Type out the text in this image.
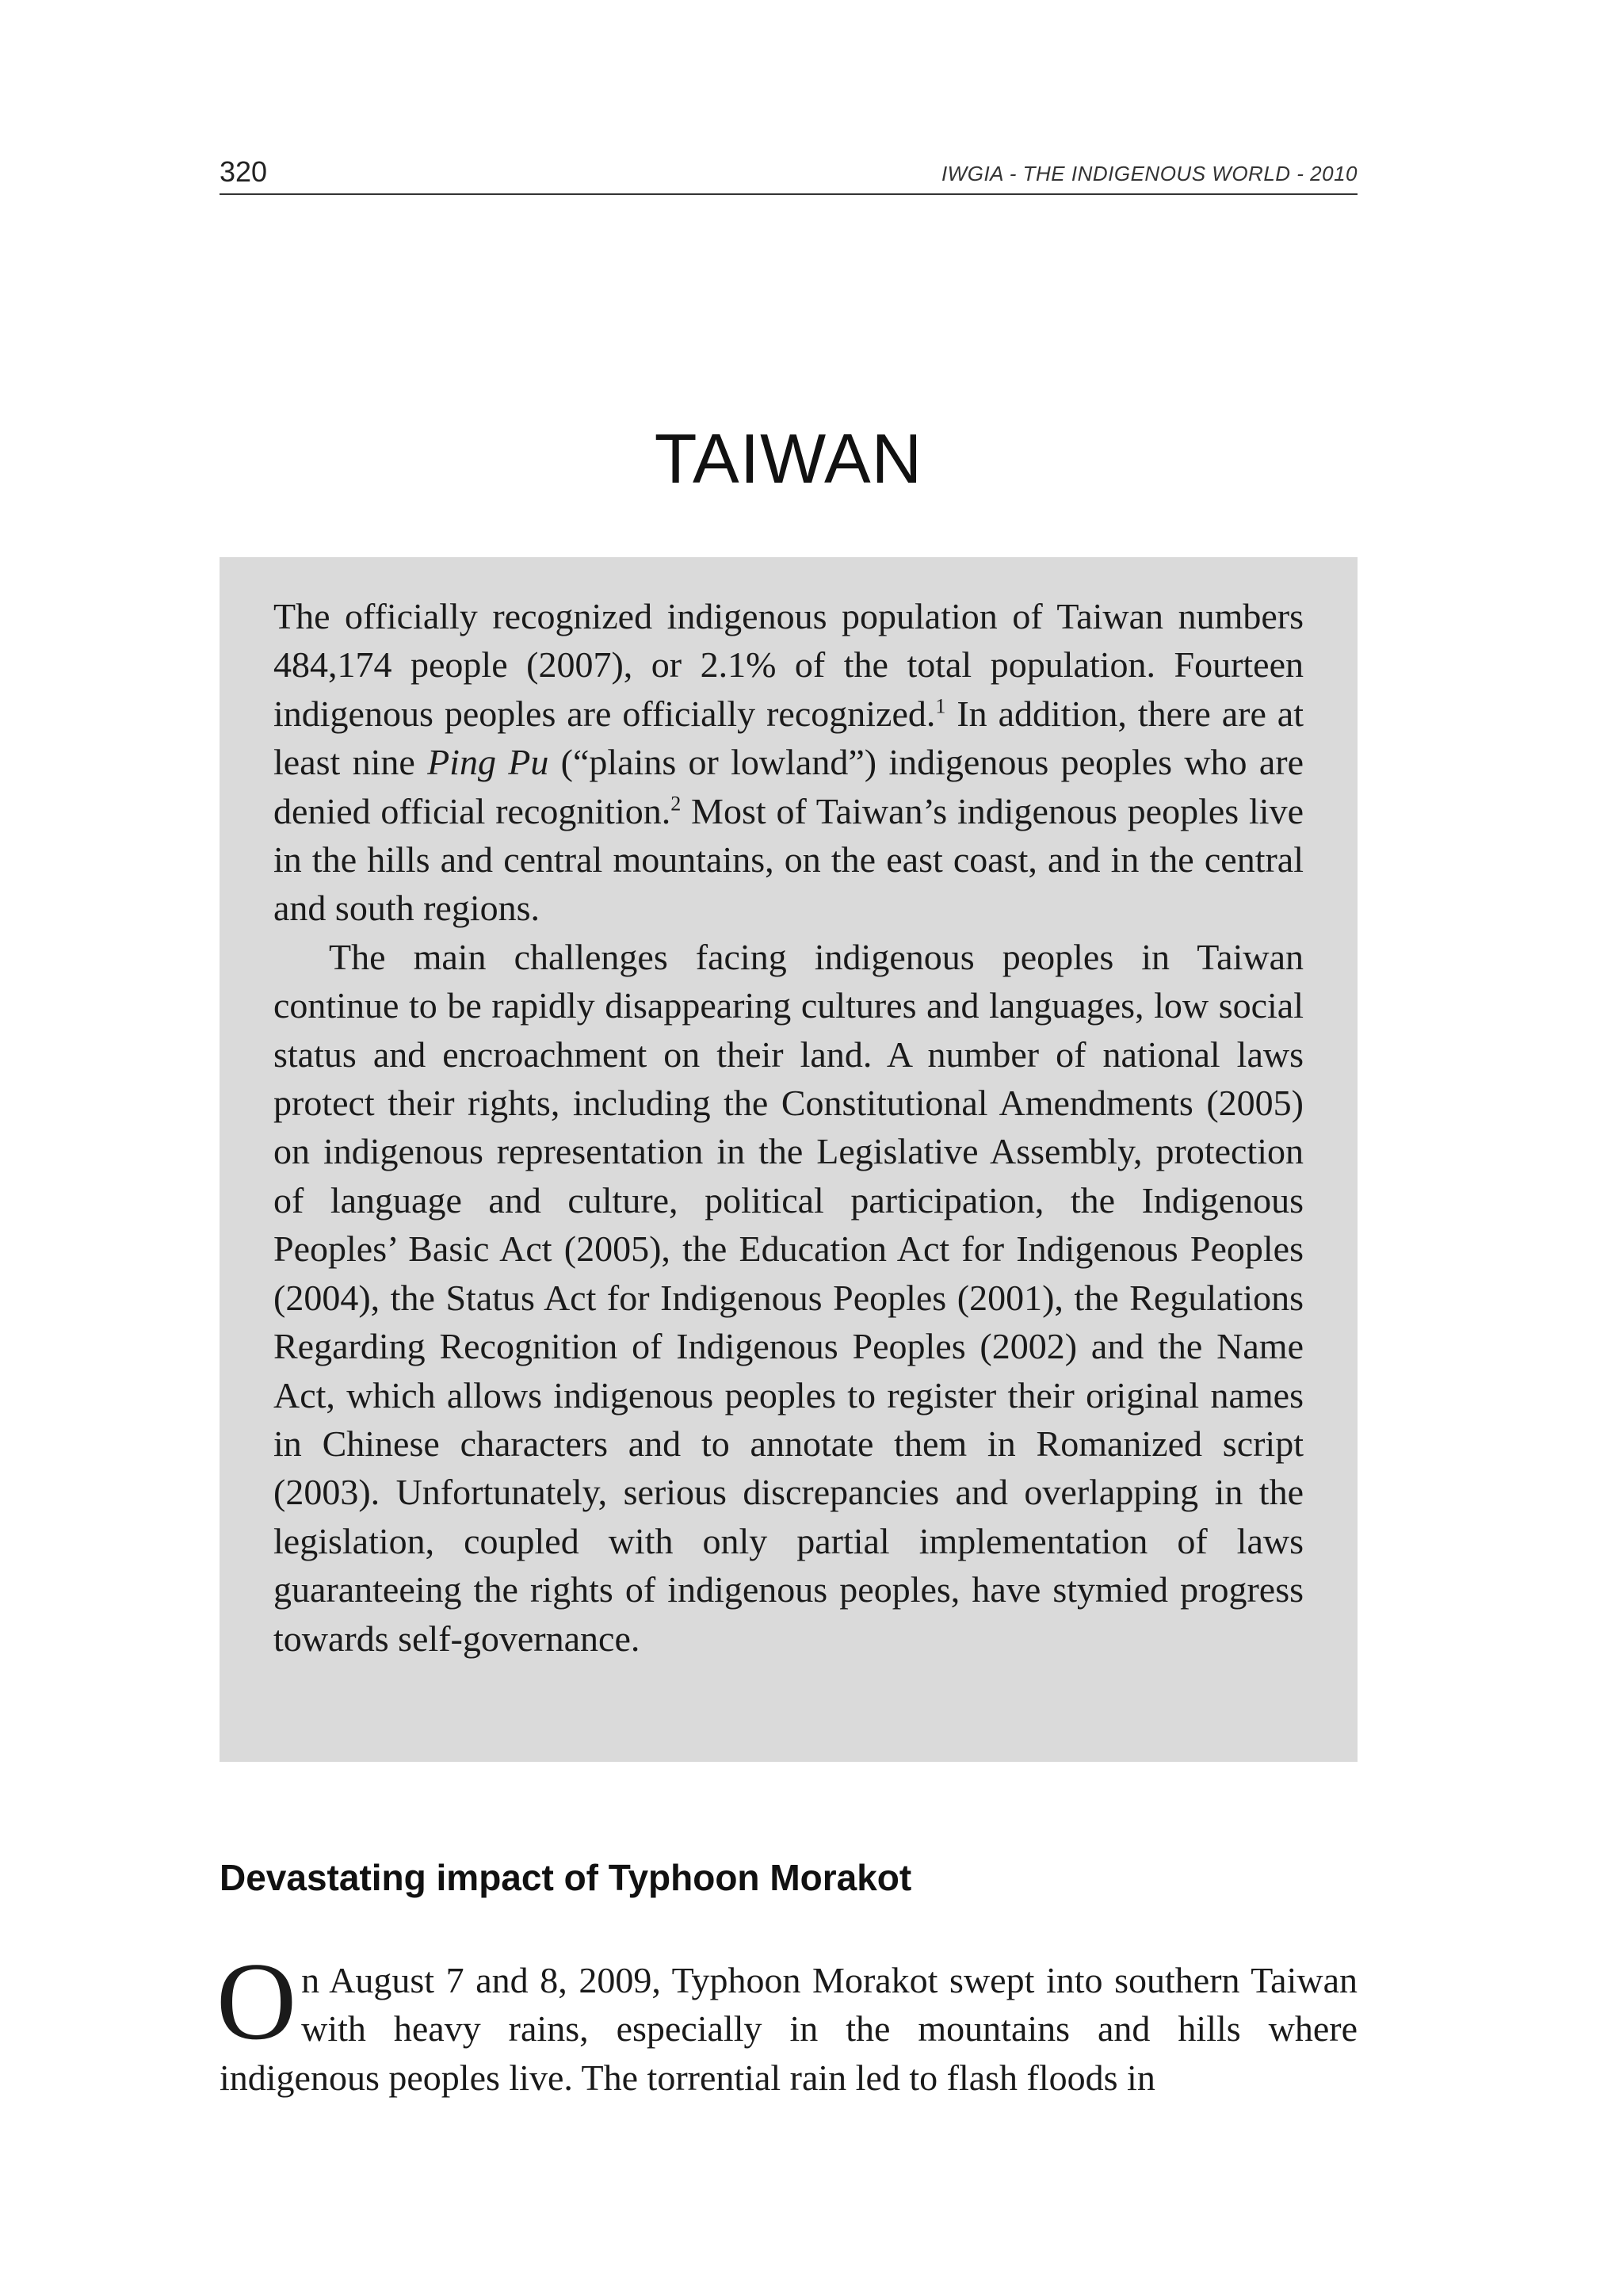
320	IWGIA - THE INDIGENOUS WORLD - 2010
TAIWAN

The officially recognized indigenous population of Taiwan numbers 484,174 people (2007), or 2.1% of the total population. Fourteen indigenous peoples are officially recognized.$^1$ In addition, there are at least nine Ping Pu (“plains or lowland”) indigenous peoples who are denied official recognition.$^2$ Most of Taiwan’s indigenous peoples live in the hills and central mountains, on the east coast, and in the central and south regions.

The main challenges facing indigenous peoples in Taiwan continue to be rapidly disappearing cultures and languages, low social status and encroachment on their land. A number of national laws protect their rights, including the Constitutional Amendments (2005) on indigenous representation in the Legislative Assembly, protection of language and culture, political participation, the Indigenous Peoples’ Basic Act (2005), the Education Act for Indigenous Peoples (2004), the Status Act for Indigenous Peoples (2001), the Regulations Regarding Recognition of Indigenous Peoples (2002) and the Name Act, which allows indigenous peoples to register their original names in Chinese characters and to annotate them in Romanized script (2003). Unfortunately, serious discrepancies and overlapping in the legislation, coupled with only partial implementation of laws guaranteeing the rights of indigenous peoples, have stymied progress towards self-governance.

Devastating impact of Typhoon Morakot

On August 7 and 8, 2009, Typhoon Morakot swept into southern Taiwan with heavy rains, especially in the mountains and hills where indigenous peoples live. The torrential rain led to flash floods in
